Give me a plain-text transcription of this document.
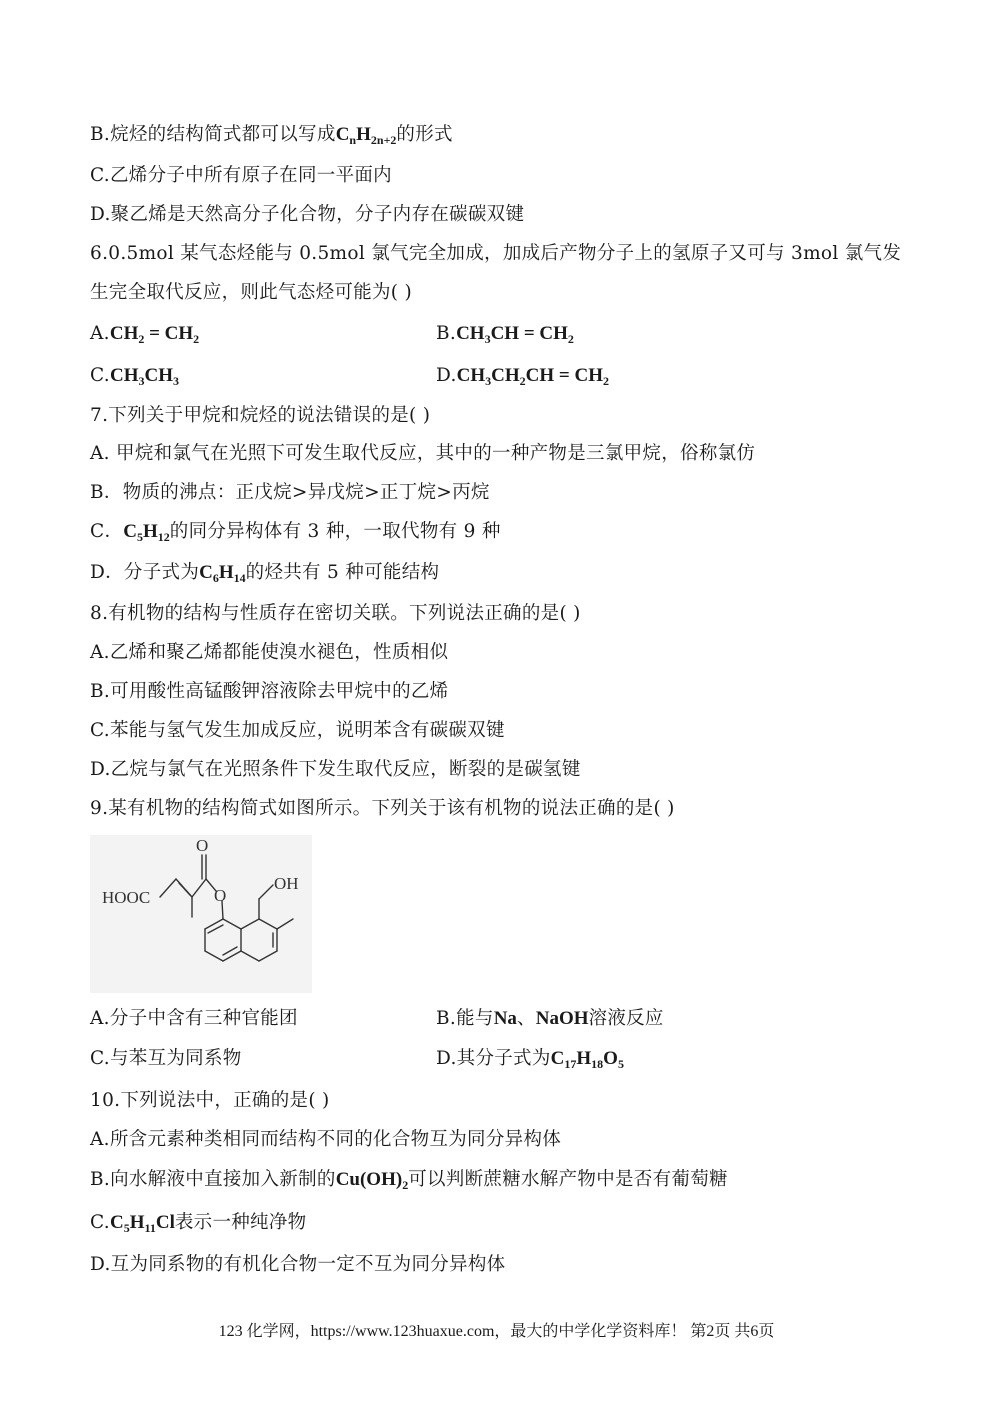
B.烷烃的结构简式都可以写成$C_nH_{2n+2}$的形式
C.乙烯分子中所有原子在同一平面内
D.聚乙烯是天然高分子化合物，分子内存在碳碳双键
6.0.5mol 某气态烃能与 0.5mol 氯气完全加成，加成后产物分子上的氢原子又可与 3mol 氯气发
生完全取代反应，则此气态烃可能为( )
$A.CH_2 = CH_2$	$B.CH_3CH = CH_2$
$C.CH_3CH_3$	$D.CH_3CH_2CH = CH_2$
7.下列关于甲烷和烷烃的说法错误的是( )
A. 甲烷和氯气在光照下可发生取代反应，其中的一种产物是三氯甲烷，俗称氯仿
B．物质的沸点：正戊烷>异戊烷>正丁烷>丙烷
C．$C_5H_{12}$的同分异构体有 3 种，一取代物有 9 种
D．分子式为$C_6H_{14}$的烃共有 5 种可能结构
8.有机物的结构与性质存在密切关联。下列说法正确的是( )
A.乙烯和聚乙烯都能使溴水褪色，性质相似
B.可用酸性高锰酸钾溶液除去甲烷中的乙烯
C.苯能与氢气发生加成反应，说明苯含有碳碳双键
D.乙烷与氯气在光照条件下发生取代反应，断裂的是碳氢键
9.某有机物的结构简式如图所示。下列关于该有机物的说法正确的是( )
O
O
HOOC
OH
A.分子中含有三种官能团	B.能与Na、NaOH溶液反应
C.与苯互为同系物	D.其分子式为$C_{17}H_{18}O_5$
10.下列说法中，正确的是( )
A.所含元素种类相同而结构不同的化合物互为同分异构体
B.向水解液中直接加入新制的$Cu(OH)_2$可以判断蔗糖水解产物中是否有葡萄糖
$C.C_5H_{11}Cl$表示一种纯净物
D.互为同系物的有机化合物一定不互为同分异构体
123 化学网，https://www.123huaxue.com，最大的中学化学资料库！ 第2页 共6页
